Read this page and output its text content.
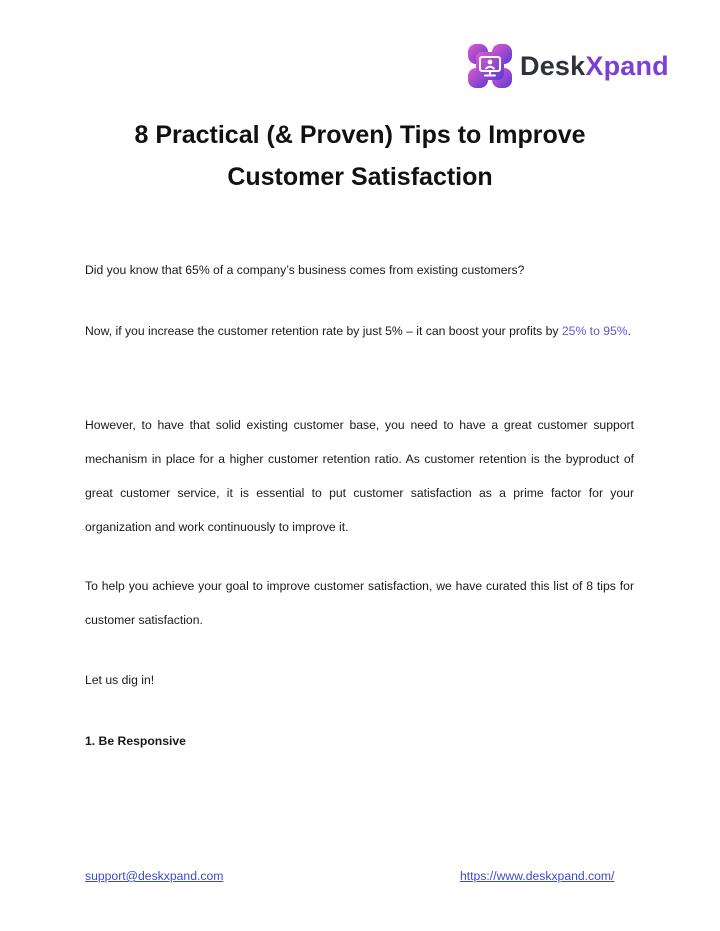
DeskXpand
8 Practical (& Proven) Tips to Improve
Customer Satisfaction
Did you know that 65% of a company’s business comes from existing customers?
Now, if you increase the customer retention rate by just 5% – it can boost your profits by 25% to 95%.
However, to have that solid existing customer base, you need to have a great customer support mechanism in place for a higher customer retention ratio. As customer retention is the byproduct of great customer service, it is essential to put customer satisfaction as a prime factor for your organization and work continuously to improve it.
To help you achieve your goal to improve customer satisfaction, we have curated this list of 8 tips for customer satisfaction.
Let us dig in!
1. Be Responsive
support@deskxpand.com	https://www.deskxpand.com/
